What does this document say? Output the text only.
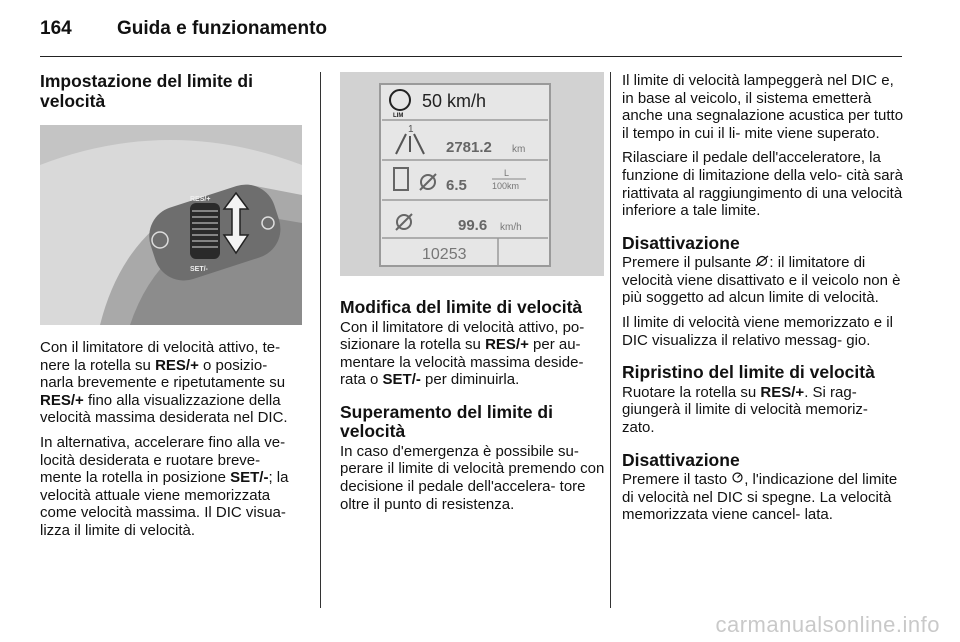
164 Guida e funzionamento
Impostazione del limite di velocità
RES/+
SET/-

Con il limitatore di velocità attivo, te- nere la rotella su RES/+ o posizio- narla brevemente e ripetutamente su RES/+ fino alla visualizzazione della velocità massima desiderata nel DIC.

In alternativa, accelerare fino alla ve- locità desiderata e ruotare breve- mente la rotella in posizione SET/-; la velocità attuale viene memorizzata come velocità massima. Il DIC visua- lizza il limite di velocità.

LIM
50 km/h
1
2781.2 km
6.5
L
100km
99.6 km/h
10253
Modifica del limite di velocità

Con il limitatore di velocità attivo, po- sizionare la rotella su RES/+ per au- mentare la velocità massima deside- rata o SET/- per diminuirla.

Superamento del limite di velocità

In caso d'emergenza è possibile su- perare il limite di velocità premendo con decisione il pedale dell'accelera- tore oltre il punto di resistenza.

Il limite di velocità lampeggerà nel DIC e, in base al veicolo, il sistema emetterà anche una segnalazione acustica per tutto il tempo in cui il li- mite viene superato.

Rilasciare il pedale dell'acceleratore, la funzione di limitazione della velo- cità sarà riattivata al raggiungimento di una velocità inferiore a tale limite.

Disattivazione

Premere il pulsante : il limitatore di velocità viene disattivato e il veicolo non è più soggetto ad alcun limite di velocità.

Il limite di velocità viene memorizzato e il DIC visualizza il relativo messag- gio.

Ripristino del limite di velocità

Ruotare la rotella su RES/+. Si rag- giungerà il limite di velocità memoriz- zato.

Disattivazione

Premere il tasto , l'indicazione del limite di velocità nel DIC si spegne. La velocità memorizzata viene cancel- lata.

carmanualsonline.info
